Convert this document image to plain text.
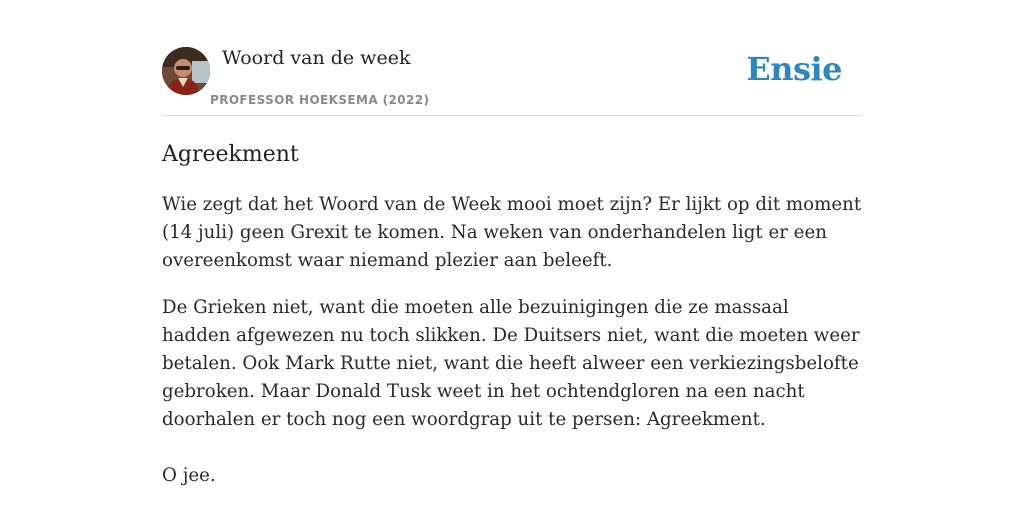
Woord van de week
PROFESSOR HOEKSEMA (2022)
Ensie
Agreekment

Wie zegt dat het Woord van de Week mooi moet zijn? Er lijkt op dit moment (14 juli) geen Grexit te komen. Na weken van onderhandelen ligt er een overeenkomst waar niemand plezier aan beleeft.

De Grieken niet, want die moeten alle bezuinigingen die ze massaal hadden afgewezen nu toch slikken. De Duitsers niet, want die moeten weer betalen. Ook Mark Rutte niet, want die heeft alweer een verkiezingsbelofte gebroken. Maar Donald Tusk weet in het ochtendgloren na een nacht doorhalen er toch nog een woordgrap uit te persen: Agreekment.

O jee.
